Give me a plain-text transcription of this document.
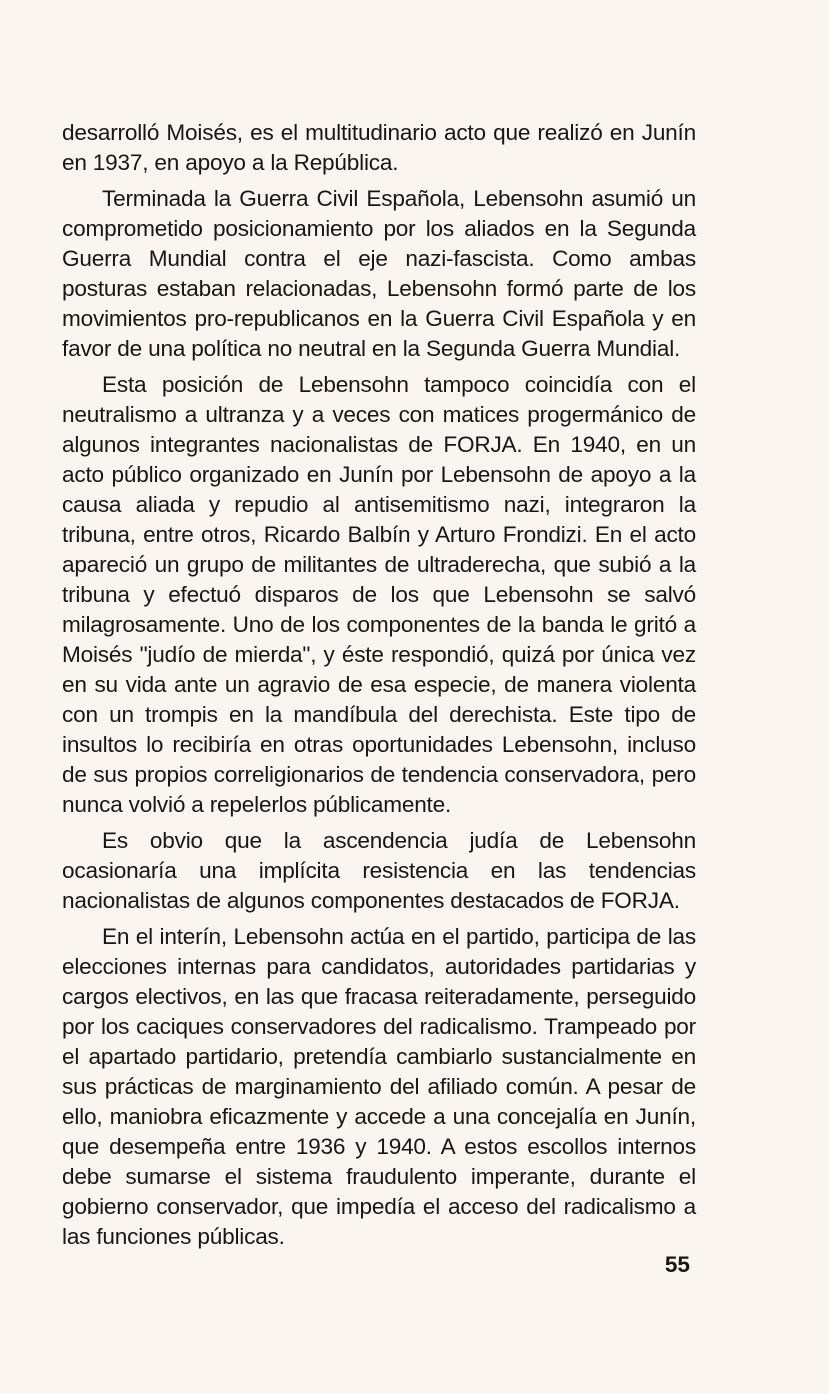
desarrolló Moisés, es el multitudinario acto que realizó en Junín en 1937, en apoyo a la República.

Terminada la Guerra Civil Española, Lebensohn asumió un comprometido posicionamiento por los aliados en la Segunda Guerra Mundial contra el eje nazi-fascista. Como ambas posturas estaban relacionadas, Lebensohn formó parte de los movimientos pro-republicanos en la Guerra Civil Española y en favor de una política no neutral en la Segunda Guerra Mundial.

Esta posición de Lebensohn tampoco coincidía con el neutralismo a ultranza y a veces con matices progermánico de algunos integrantes nacionalistas de FORJA. En 1940, en un acto público organizado en Junín por Lebensohn de apoyo a la causa aliada y repudio al antisemitismo nazi, integraron la tribuna, entre otros, Ricardo Balbín y Arturo Frondizi. En el acto apareció un grupo de militantes de ultraderecha, que subió a la tribuna y efectuó disparos de los que Lebensohn se salvó milagrosamente. Uno de los componentes de la banda le gritó a Moisés "judío de mierda", y éste respondió, quizá por única vez en su vida ante un agravio de esa especie, de manera violenta con un trompis en la mandíbula del derechista. Este tipo de insultos lo recibiría en otras oportunidades Lebensohn, incluso de sus propios correligionarios de tendencia conservadora, pero nunca volvió a repelerlos públicamente.

Es obvio que la ascendencia judía de Lebensohn ocasionaría una implícita resistencia en las tendencias nacionalistas de algunos componentes destacados de FORJA.

En el interín, Lebensohn actúa en el partido, participa de las elecciones internas para candidatos, autoridades partidarias y cargos electivos, en las que fracasa reiteradamente, perseguido por los caciques conservadores del radicalismo. Trampeado por el apartado partidario, pretendía cambiarlo sustancialmente en sus prácticas de marginamiento del afiliado común. A pesar de ello, maniobra eficazmente y accede a una concejalía en Junín, que desempeña entre 1936 y 1940. A estos escollos internos debe sumarse el sistema fraudulento imperante, durante el gobierno conservador, que impedía el acceso del radicalismo a las funciones públicas.

55
